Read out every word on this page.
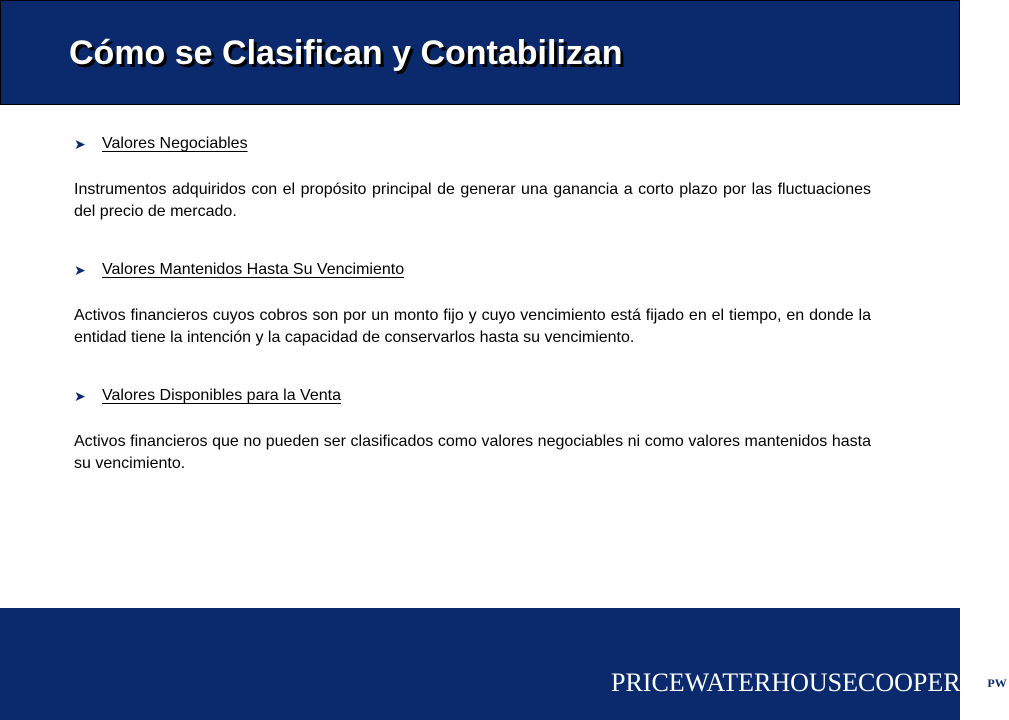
Cómo se Clasifican y Contabilizan
➤	Valores Negociables

Instrumentos adquiridos con el propósito principal de generar una ganancia a corto plazo por las fluctuaciones del precio de mercado.

➤	Valores Mantenidos Hasta Su Vencimiento

Activos financieros cuyos cobros son por un monto fijo y cuyo vencimiento está fijado en el tiempo, en donde la entidad tiene la intención y la capacidad de conservarlos hasta su vencimiento.

➤	Valores Disponibles para la Venta

Activos financieros que no pueden ser clasificados como valores negociables ni como valores mantenidos hasta su vencimiento.

PRICEWATERHOUSECOOPERS PW
